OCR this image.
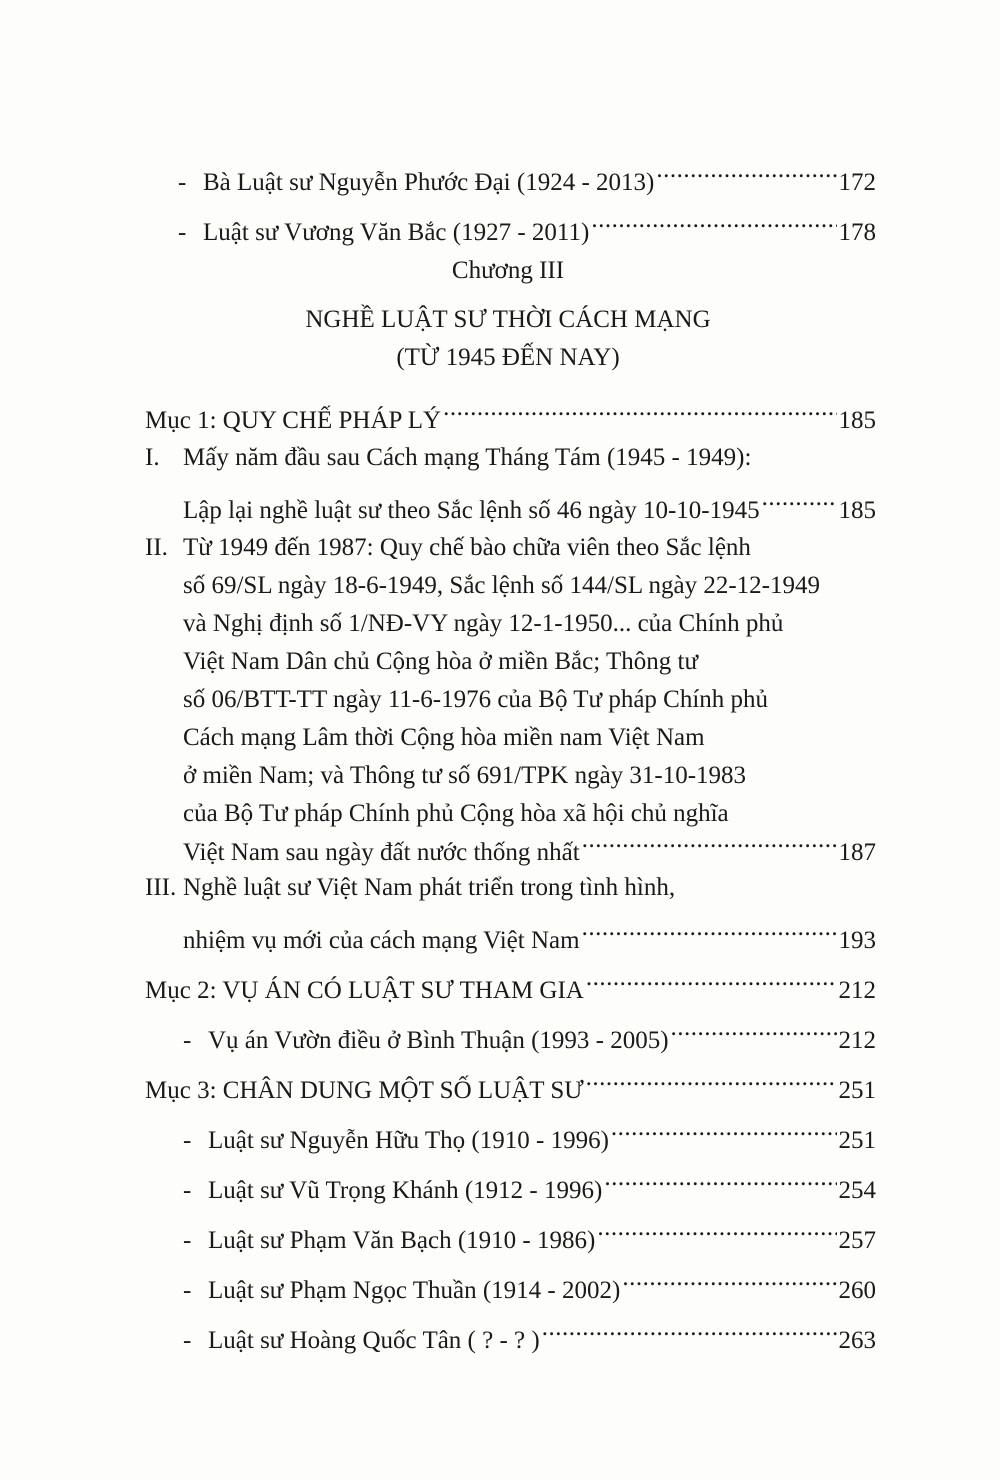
- Bà Luật sư Nguyễn Phước Đại (1924 - 2013) .....	172
- Luật sư Vương Văn Bắc (1927 - 2011) .....	178
Chương III
NGHỀ LUẬT SƯ THỜI CÁCH MẠNG
(TỪ 1945 ĐẾN NAY)
Mục 1: QUY CHẾ PHÁP LÝ .....	185
I. Mấy năm đầu sau Cách mạng Tháng Tám (1945 - 1949):
Lập lại nghề luật sư theo Sắc lệnh số 46 ngày 10-10-1945 .....	185
II. Từ 1949 đến 1987: Quy chế bào chữa viên theo Sắc lệnh
số 69/SL ngày 18-6-1949, Sắc lệnh số 144/SL ngày 22-12-1949
và Nghị định số 1/NĐ-VY ngày 12-1-1950... của Chính phủ
Việt Nam Dân chủ Cộng hòa ở miền Bắc; Thông tư
số 06/BTT-TT ngày 11-6-1976 của Bộ Tư pháp Chính phủ
Cách mạng Lâm thời Cộng hòa miền nam Việt Nam
ở miền Nam; và Thông tư số 691/TPK ngày 31-10-1983
của Bộ Tư pháp Chính phủ Cộng hòa xã hội chủ nghĩa
Việt Nam sau ngày đất nước thống nhất .....	187
III. Nghề luật sư Việt Nam phát triển trong tình hình,
nhiệm vụ mới của cách mạng Việt Nam .....	193
Mục 2: VỤ ÁN CÓ LUẬT SƯ THAM GIA .....	212
- Vụ án Vườn điều ở Bình Thuận (1993 - 2005) .....	212
Mục 3: CHÂN DUNG MỘT SỐ LUẬT SƯ .....	251
- Luật sư Nguyễn Hữu Thọ (1910 - 1996) .....	251
- Luật sư Vũ Trọng Khánh (1912 - 1996) .....	254
- Luật sư Phạm Văn Bạch (1910 - 1986) .....	257
- Luật sư Phạm Ngọc Thuần (1914 - 2002) .....	260
- Luật sư Hoàng Quốc Tân ( ? - ? ) .....	263
